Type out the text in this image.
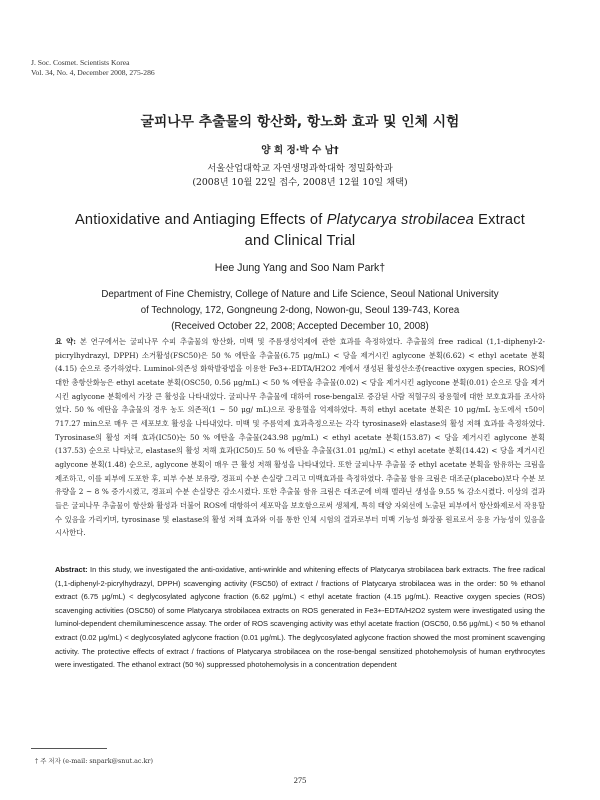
J. Soc. Cosmet. Scientists Korea
Vol. 34, No. 4, December 2008, 275-286
굴피나무 추출물의 항산화, 항노화 효과 및 인체 시험
양 희 정·박 수 남†
서울산업대학교 자연생명과학대학 정밀화학과
(2008년 10월 22일 접수, 2008년 12월 10일 채택)
Antioxidative and Antiaging Effects of Platycarya strobilacea Extract
and Clinical Trial
Hee Jung Yang and Soo Nam Park†
Department of Fine Chemistry, College of Nature and Life Science, Seoul National University
of Technology, 172, Gongneung 2-dong, Nowon-gu, Seoul 139-743, Korea
(Received October 22, 2008; Accepted December 10, 2008)
요 약: 본 연구에서는 굴피나무 수피 추출물의 항산화, 미백 및 주름생성억제에 관한 효과를 측정하였다. 추출물의 free radical (1,1-diphenyl-2-picrylhydrazyl, DPPH) 소거활성(FSC50)은 50 % 에탄올 추출물(6.75 μg/mL) < 당을 제거시킨 aglycone 분획(6.62) < ethyl acetate 분획(4.15) 순으로 증가하였다. Luminol-의존성 화학발광법을 이용한 Fe3+-EDTA/H2O2 계에서 생성된 활성산소종(reactive oxygen species, ROS)에 대한 총항산화능은 ethyl acetate 분획(OSC50, 0.56 μg/mL) < 50 % 에탄올 추출물(0.02) < 당을 제거시킨 aglycone 분획(0.01) 순으로 당을 제거시킨 aglycone 분획에서 가장 큰 활성을 나타내었다. 굴피나무 추출물에 대하여 rose-bengal로 증감된 사람 적혈구의 광용혈에 대한 보호효과를 조사하였다. 50 % 에탄올 추출물의 경우 농도 의존적(1 ~ 50 μg/ mL)으로 광용혈을 억제하였다. 특히 ethyl acetate 분획은 10 μg/mL 농도에서 τ50이 717.27 min으로 매우 큰 세포보호 활성을 나타내었다. 미백 및 주름억제 효과측정으로는 각각 tyrosinase와 elastase의 활성 저해 효과를 측정하였다. Tyrosinase의 활성 저해 효과(IC50)는 50 % 에탄올 추출물(243.98 μg/mL) < ethyl acetate 분획(153.87) < 당을 제거시킨 aglycone 분획(137.53) 순으로 나타났고, elastase의 활성 저해 효과(IC50)도 50 % 에탄올 추출물(31.01 μg/mL) < ethyl acetate 분획(14.42) < 당을 제거시킨 aglycone 분획(1.48) 순으로, aglycone 분획이 매우 큰 활성 저해 활성을 나타내었다. 또한 굴피나무 추출물 중 ethyl acetate 분획을 함유하는 크림을 제조하고, 이를 피부에 도포한 후, 피부 수분 보유량, 경표피 수분 손실량 그리고 미백효과를 측정하였다. 추출물 함유 크림은 대조군(placebo)보다 수분 보유량을 2 ~ 8 % 증가시켰고, 경표피 수분 손실량은 감소시켰다. 또한 추출물 함유 크림은 대조군에 비해 멜라닌 생성을 9.55 % 감소시켰다. 이상의 결과들은 굴피나무 추출물이 항산화 활성과 더불어 ROS에 대항하여 세포막을 보호함으로써 생체계, 특히 태양 자외선에 노출된 피부에서 항산화제로서 작용할 수 있음을 가리키며, tyrosinase 및 elastase의 활성 저해 효과와 이를 통한 인체 시험의 결과로부터 미백 기능성 화장품 원료로서 응용 가능성이 있음을 시사한다.
Abstract: In this study, we investigated the anti-oxidative, anti-wrinkle and whitening effects of Platycarya strobilacea bark extracts. The free radical (1,1-diphenyl-2-picrylhydrazyl, DPPH) scavenging activity (FSC50) of extract / fractions of Platycarya strobilacea was in the order: 50 % ethanol extract (6.75 μg/mL) < deglycosylated aglycone fraction (6.62 μg/mL) < ethyl acetate fraction (4.15 μg/mL). Reactive oxygen species (ROS) scavenging activities (OSC50) of some Platycarya strobilacea extracts on ROS generated in Fe3+-EDTA/H2O2 system were investigated using the luminol-dependent chemiluminescence assay. The order of ROS scavenging activity was ethyl acetate fraction (OSC50, 0.56 μg/mL) < 50 % ethanol extract (0.02 μg/mL) < deglycosylated aglycone fraction (0.01 μg/mL). The deglycosylated aglycone fraction showed the most prominent scavenging activity. The protective effects of extract / fractions of Platycarya strobilacea on the rose-bengal sensitized photohemolysis of human erythrocytes were investigated. The ethanol extract (50 %) suppressed photohemolysis in a concentration dependent
† 주 저자 (e-mail: snpark@snut.ac.kr)
275
